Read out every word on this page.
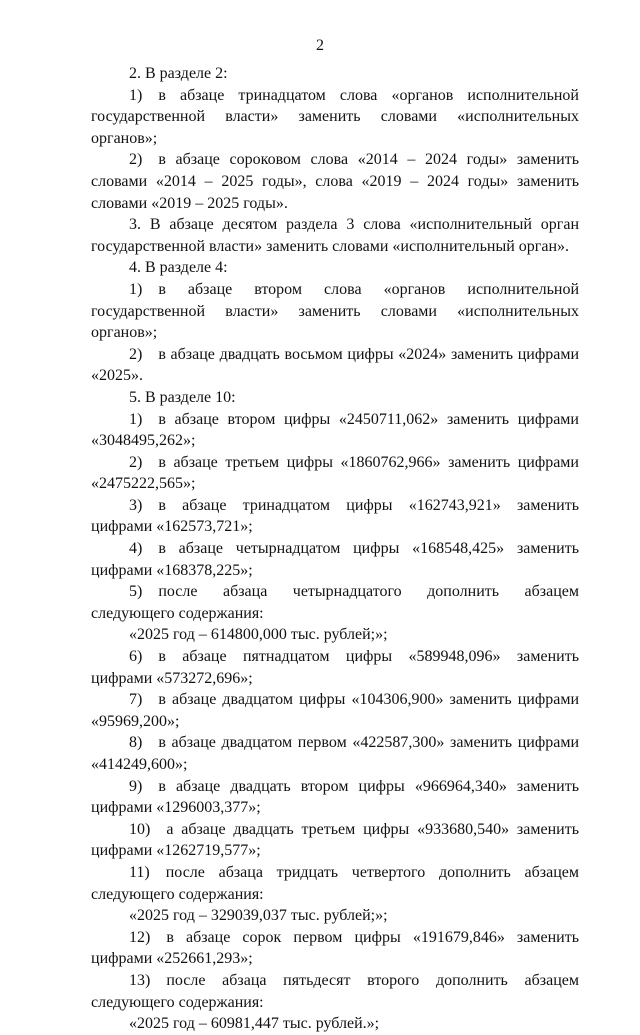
2

2. В разделе 2:

1) в абзаце тринадцатом слова «органов исполнительной государственной власти» заменить словами «исполнительных органов»;

2) в абзаце сороковом слова «2014 – 2024 годы» заменить словами «2014 – 2025 годы», слова «2019 – 2024 годы» заменить словами «2019 – 2025 годы».

3. В абзаце десятом раздела 3 слова «исполнительный орган государственной власти» заменить словами «исполнительный орган».

4. В разделе 4:

1) в абзаце втором слова «органов исполнительной государственной власти» заменить словами «исполнительных органов»;

2) в абзаце двадцать восьмом цифры «2024» заменить цифрами «2025».

5. В разделе 10:

1) в абзаце втором цифры «2450711,062» заменить цифрами «3048495,262»;

2) в абзаце третьем цифры «1860762,966» заменить цифрами «2475222,565»;

3) в абзаце тринадцатом цифры «162743,921» заменить цифрами «162573,721»;

4) в абзаце четырнадцатом цифры «168548,425» заменить цифрами «168378,225»;

5) после абзаца четырнадцатого дополнить абзацем следующего содержания:

«2025 год – 614800,000 тыс. рублей;»;

6) в абзаце пятнадцатом цифры «589948,096» заменить цифрами «573272,696»;

7) в абзаце двадцатом цифры «104306,900» заменить цифрами «95969,200»;

8) в абзаце двадцатом первом «422587,300» заменить цифрами «414249,600»;

9) в абзаце двадцать втором цифры «966964,340» заменить цифрами «1296003,377»;

10) а абзаце двадцать третьем цифры «933680,540» заменить цифрами «1262719,577»;

11) после абзаца тридцать четвертого дополнить абзацем следующего содержания:

«2025 год – 329039,037 тыс. рублей;»;

12) в абзаце сорок первом цифры «191679,846» заменить цифрами «252661,293»;

13) после абзаца пятьдесят второго дополнить абзацем следующего содержания:

«2025 год – 60981,447 тыс. рублей.»;
